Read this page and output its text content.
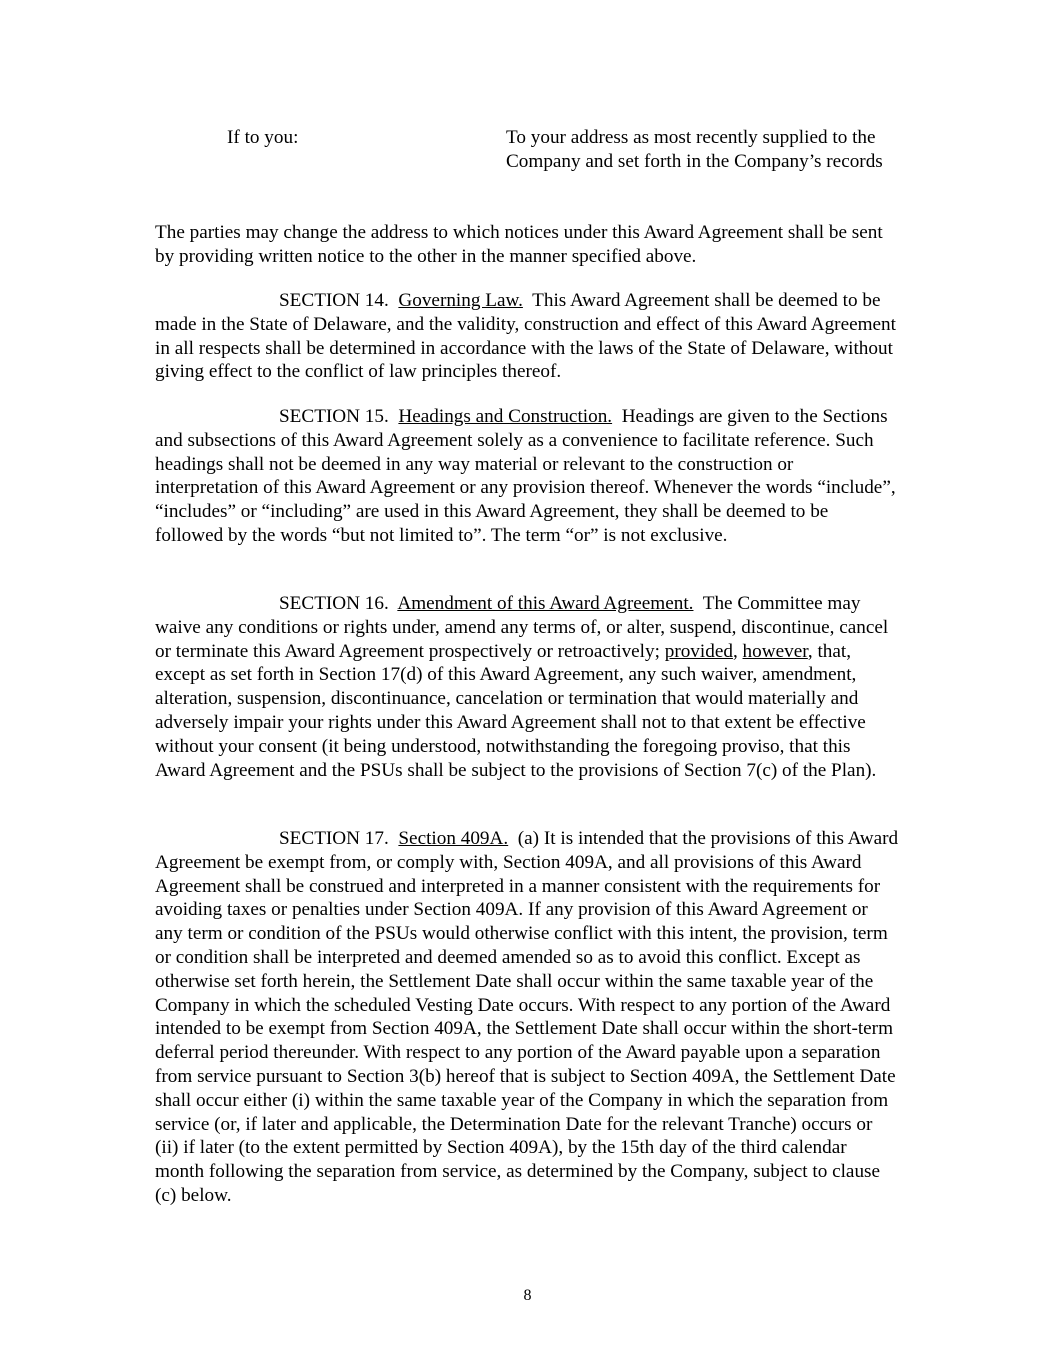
If to you:	To your address as most recently supplied to the Company and set forth in the Company’s records

The parties may change the address to which notices under this Award Agreement shall be sent by providing written notice to the other in the manner specified above.

SECTION 14. Governing Law. This Award Agreement shall be deemed to be made in the State of Delaware, and the validity, construction and effect of this Award Agreement in all respects shall be determined in accordance with the laws of the State of Delaware, without giving effect to the conflict of law principles thereof.

SECTION 15. Headings and Construction. Headings are given to the Sections and subsections of this Award Agreement solely as a convenience to facilitate reference. Such headings shall not be deemed in any way material or relevant to the construction or interpretation of this Award Agreement or any provision thereof. Whenever the words “include”, “includes” or “including” are used in this Award Agreement, they shall be deemed to be followed by the words “but not limited to”. The term “or” is not exclusive.

SECTION 16. Amendment of this Award Agreement. The Committee may waive any conditions or rights under, amend any terms of, or alter, suspend, discontinue, cancel or terminate this Award Agreement prospectively or retroactively; provided, however, that, except as set forth in Section 17(d) of this Award Agreement, any such waiver, amendment, alteration, suspension, discontinuance, cancelation or termination that would materially and adversely impair your rights under this Award Agreement shall not to that extent be effective without your consent (it being understood, notwithstanding the foregoing proviso, that this Award Agreement and the PSUs shall be subject to the provisions of Section 7(c) of the Plan).

SECTION 17. Section 409A. (a) It is intended that the provisions of this Award Agreement be exempt from, or comply with, Section 409A, and all provisions of this Award Agreement shall be construed and interpreted in a manner consistent with the requirements for avoiding taxes or penalties under Section 409A. If any provision of this Award Agreement or any term or condition of the PSUs would otherwise conflict with this intent, the provision, term or condition shall be interpreted and deemed amended so as to avoid this conflict. Except as otherwise set forth herein, the Settlement Date shall occur within the same taxable year of the Company in which the scheduled Vesting Date occurs. With respect to any portion of the Award intended to be exempt from Section 409A, the Settlement Date shall occur within the short-term deferral period thereunder. With respect to any portion of the Award payable upon a separation from service pursuant to Section 3(b) hereof that is subject to Section 409A, the Settlement Date shall occur either (i) within the same taxable year of the Company in which the separation from service (or, if later and applicable, the Determination Date for the relevant Tranche) occurs or (ii) if later (to the extent permitted by Section 409A), by the 15th day of the third calendar month following the separation from service, as determined by the Company, subject to clause (c) below.

8
